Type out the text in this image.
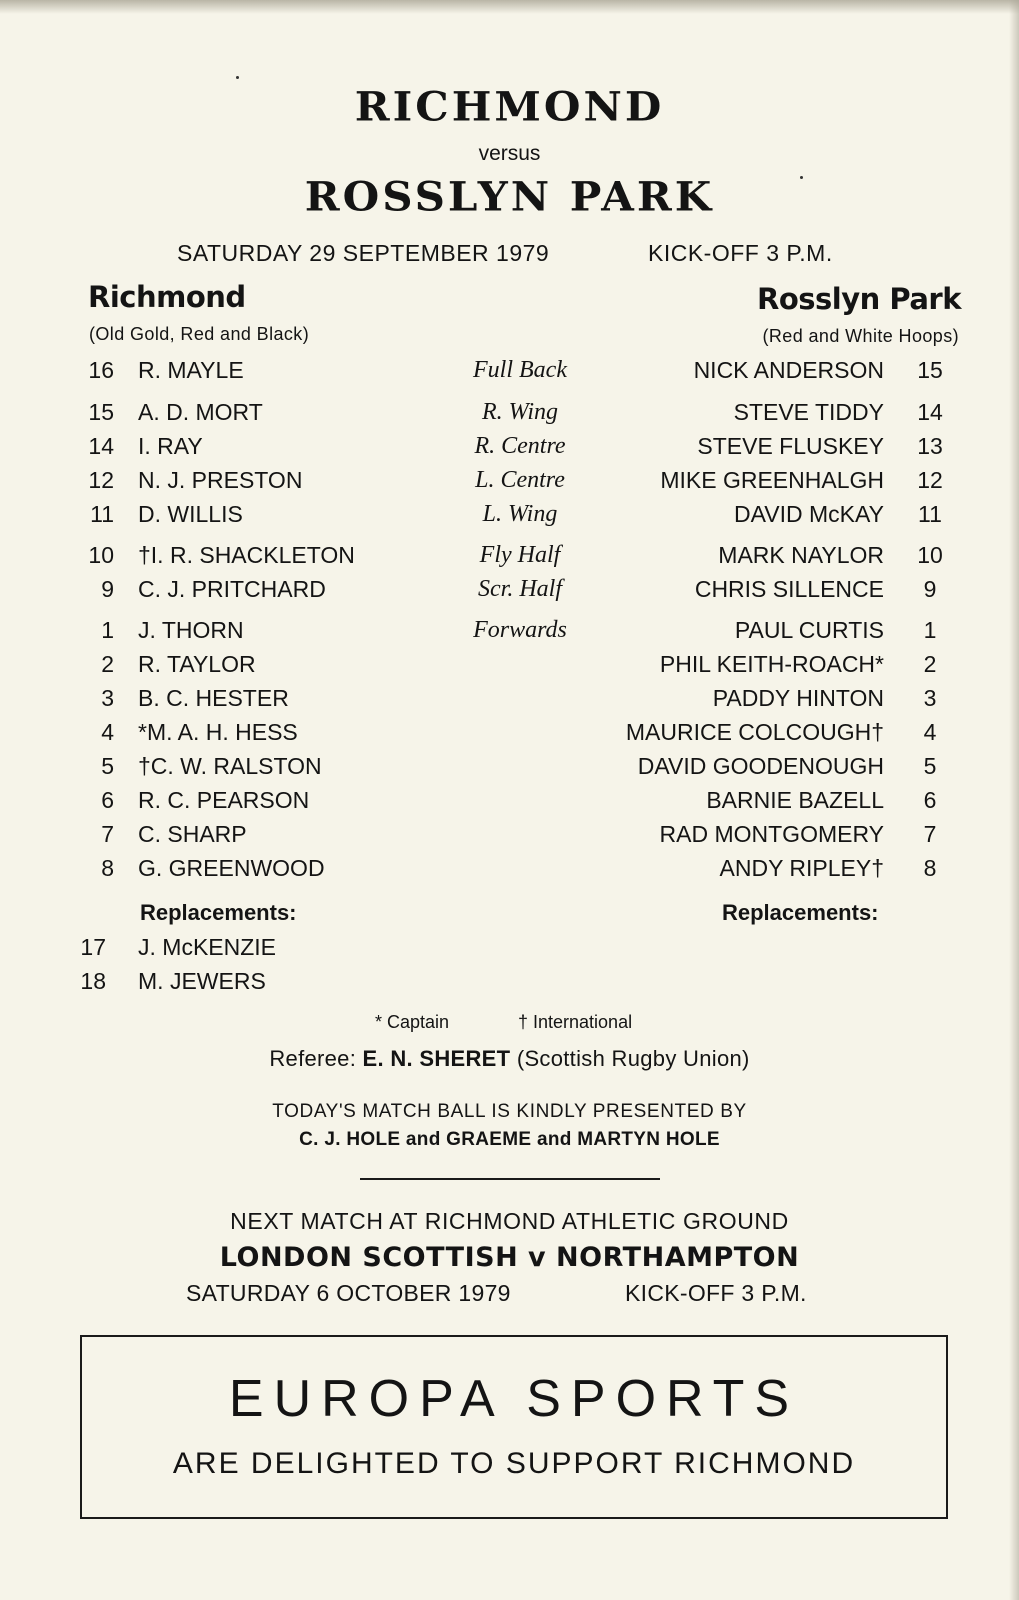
RICHMOND
versus
ROSSLYN PARK
SATURDAY 29 SEPTEMBER 1979	KICK-OFF 3 P.M.
Richmond
(Old Gold, Red and Black)
Rosslyn Park
(Red and White Hoops)
16 R. MAYLE	Full Back	NICK ANDERSON	15
15 A. D. MORT	R. Wing	STEVE TIDDY	14
14 I. RAY	R. Centre	STEVE FLUSKEY	13
12 N. J. PRESTON	L. Centre	MIKE GREENHALGH	12
11 D. WILLIS	L. Wing	DAVID McKAY	11
10 †I. R. SHACKLETON	Fly Half	MARK NAYLOR	10
9 C. J. PRITCHARD	Scr. Half	CHRIS SILLENCE	9
1 J. THORN	Forwards	PAUL CURTIS	1
2 R. TAYLOR	PHIL KEITH-ROACH*	2
3 B. C. HESTER	PADDY HINTON	3
4 *M. A. H. HESS	MAURICE COLCOUGH†	4
5 †C. W. RALSTON	DAVID GOODENOUGH	5
6 R. C. PEARSON	BARNIE BAZELL	6
7 C. SHARP	RAD MONTGOMERY	7
8 G. GREENWOOD	ANDY RIPLEY†	8
Replacements:	Replacements:
17 J. McKENZIE
18 M. JEWERS
* Captain	† International
Referee: E. N. SHERET (Scottish Rugby Union)
TODAY'S MATCH BALL IS KINDLY PRESENTED BY
C. J. HOLE and GRAEME and MARTYN HOLE
NEXT MATCH AT RICHMOND ATHLETIC GROUND
LONDON SCOTTISH v NORTHAMPTON
SATURDAY 6 OCTOBER 1979	KICK-OFF 3 P.M.
EUROPA SPORTS
ARE DELIGHTED TO SUPPORT RICHMOND
